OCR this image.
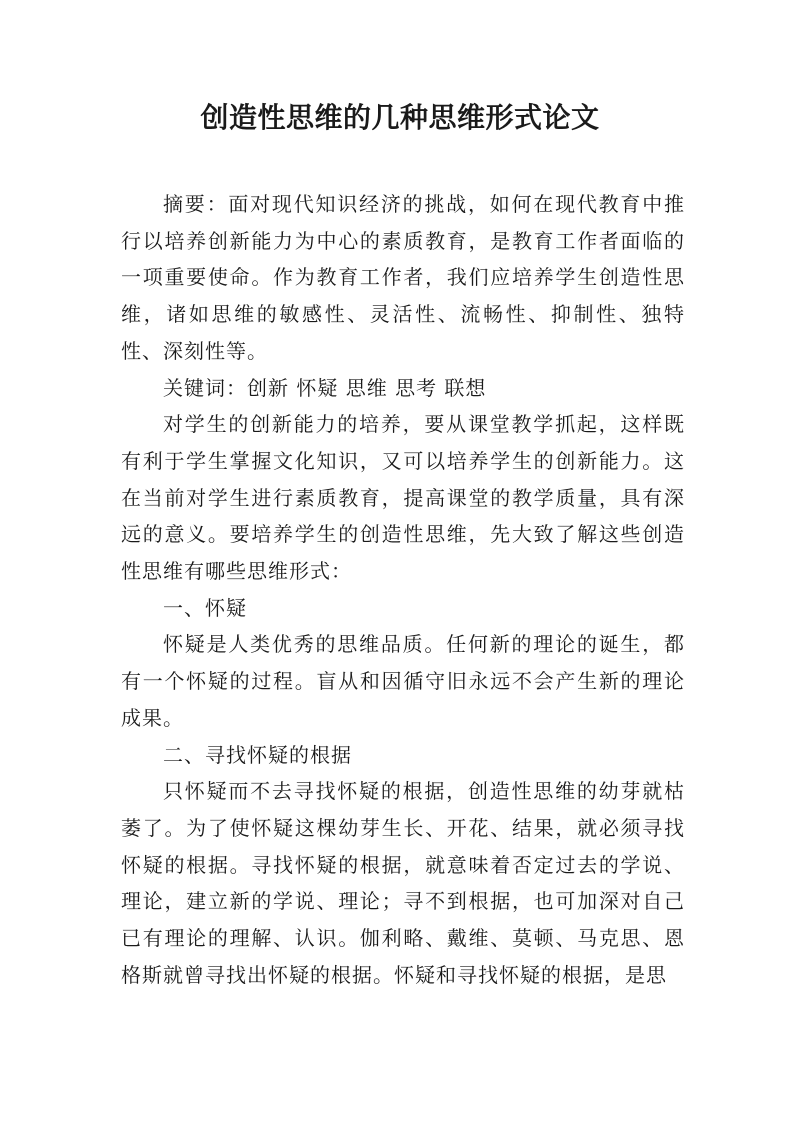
创造性思维的几种思维形式论文

摘要：面对现代知识经济的挑战，如何在现代教育中推行以培养创新能力为中心的素质教育，是教育工作者面临的一项重要使命。作为教育工作者，我们应培养学生创造性思维，诸如思维的敏感性、灵活性、流畅性、抑制性、独特性、深刻性等。

关键词：创新 怀疑 思维 思考 联想

对学生的创新能力的培养，要从课堂教学抓起，这样既有利于学生掌握文化知识，又可以培养学生的创新能力。这在当前对学生进行素质教育，提高课堂的教学质量，具有深远的意义。要培养学生的创造性思维，先大致了解这些创造性思维有哪些思维形式：

一、怀疑

怀疑是人类优秀的思维品质。任何新的理论的诞生，都有一个怀疑的过程。盲从和因循守旧永远不会产生新的理论成果。

二、寻找怀疑的根据

只怀疑而不去寻找怀疑的根据，创造性思维的幼芽就枯萎了。为了使怀疑这棵幼芽生长、开花、结果，就必须寻找怀疑的根据。寻找怀疑的根据，就意味着否定过去的学说、理论，建立新的学说、理论；寻不到根据，也可加深对自己已有理论的理解、认识。伽利略、戴维、莫顿、马克思、恩格斯就曾寻找出怀疑的根据。怀疑和寻找怀疑的根据，是思
